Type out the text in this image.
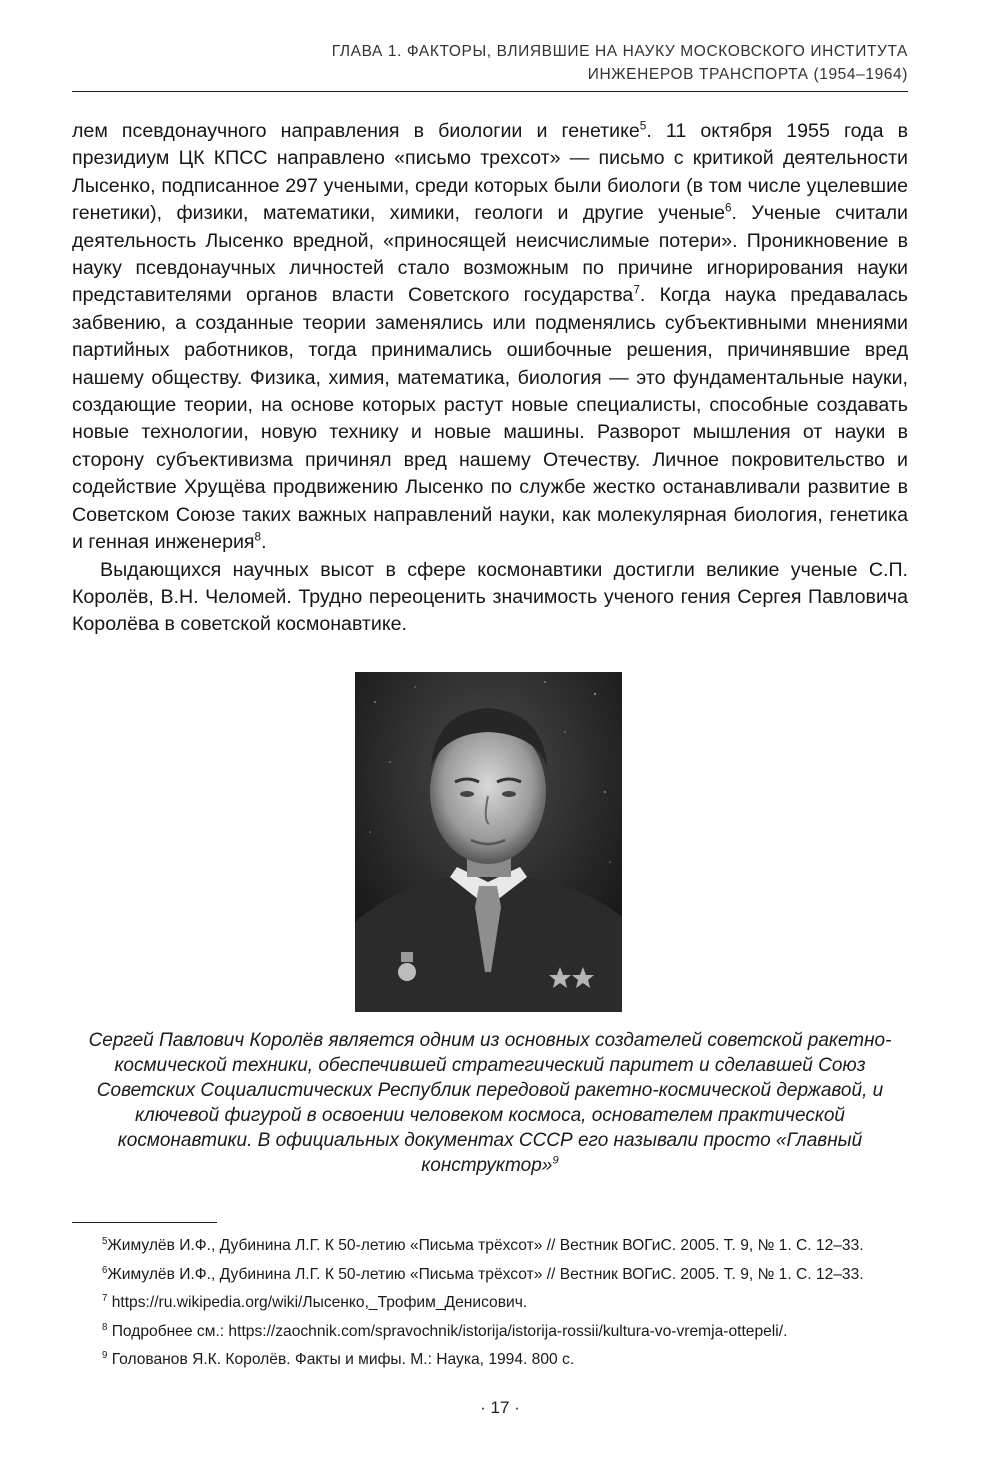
ГЛАВА 1. ФАКТОРЫ, ВЛИЯВШИЕ НА НАУКУ МОСКОВСКОГО ИНСТИТУТА
ИНЖЕНЕРОВ ТРАНСПОРТА (1954–1964)

лем псевдонаучного направления в биологии и генетике$^5$. 11 октября 1955 года в президиум ЦК КПСС направлено «письмо трехсот» — письмо с критикой деятельности Лысенко, подписанное 297 учеными, среди которых были биологи (в том числе уцелевшие генетики), физики, математики, химики, геологи и другие ученые$^6$. Ученые считали деятельность Лысенко вредной, «приносящей неисчислимые потери». Проникновение в науку псевдонаучных личностей стало возможным по причине игнорирования науки представителями органов власти Советского государства$^7$. Когда наука предавалась забвению, а созданные теории заменялись или подменялись субъективными мнениями партийных работников, тогда принимались ошибочные решения, причинявшие вред нашему обществу. Физика, химия, математика, биология — это фундаментальные науки, создающие теории, на основе которых растут новые специалисты, способные создавать новые технологии, новую технику и новые машины. Разворот мышления от науки в сторону субъективизма причинял вред нашему Отечеству. Личное покровительство и содействие Хрущёва продвижению Лысенко по службе жестко останавливали развитие в Советском Союзе таких важных направлений науки, как молекулярная биология, генетика и генная инженерия$^8$.

Выдающихся научных высот в сфере космонавтики достигли великие ученые С.П. Королёв, В.Н. Челомей. Трудно переоценить значимость ученого гения Сергея Павловича Королёва в советской космонавтике.

Сергей Павлович Королёв является одним из основных создателей советской ракетно-космической техники, обеспечившей стратегический паритет и сделавшей Союз Советских Социалистических Республик передовой ракетно-космической державой, и ключевой фигурой в освоении человеком космоса, основателем практической космонавтики. В официальных документах СССР его называли просто «Главный конструктор»$^9$
$^5$Жимулёв И.Ф., Дубинина Л.Г. К 50-летию «Письма трёхсот» // Вестник ВОГиС. 2005. Т. 9, № 1. С. 12–33.
$^6$Жимулёв И.Ф., Дубинина Л.Г. К 50-летию «Письма трёхсот» // Вестник ВОГиС. 2005. Т. 9, № 1. С. 12–33.
$^7$ https://ru.wikipedia.org/wiki/Лысенко,_Трофим_Денисович.
$^8$ Подробнее см.: https://zaochnik.com/spravochnik/istorija/istorija-rossii/kultura-vo-vremja-ottepeli/.
$^9$ Голованов Я.К. Королёв. Факты и мифы. М.: Наука, 1994. 800 с.
· 17 ·
